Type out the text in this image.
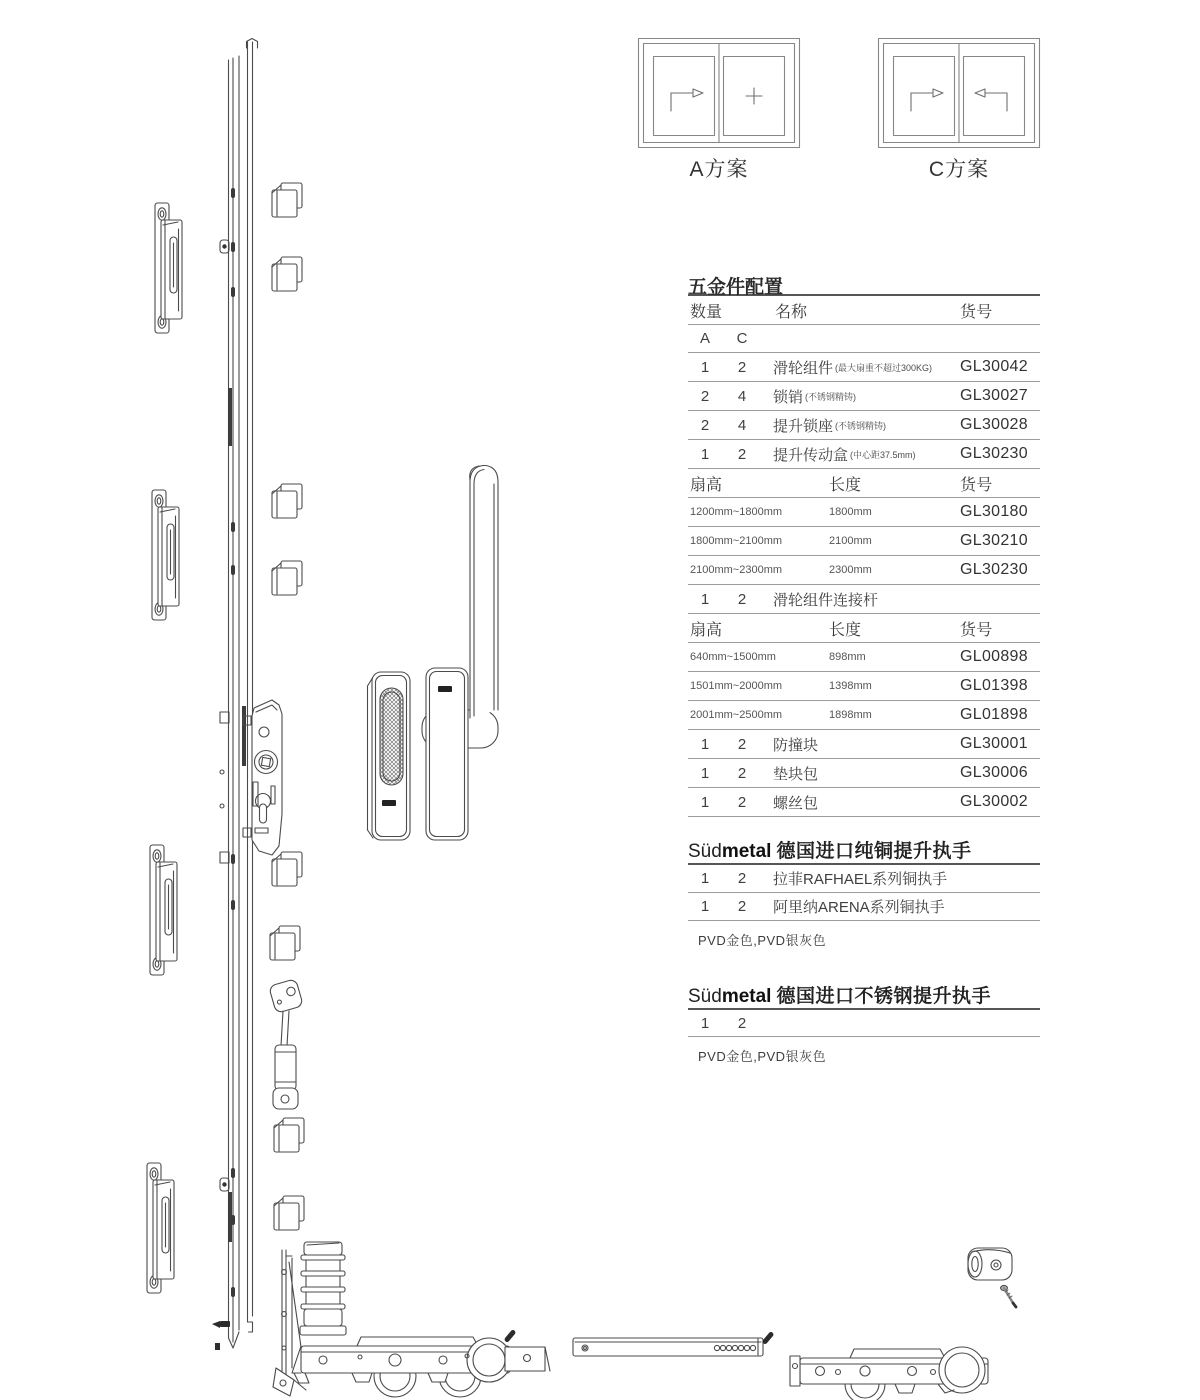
A方案	C方案
五金件配置
数量	名称	货号
A	C
1	2	滑轮组件 (最大扇重不超过300KG) GL30042
2	4	锁销 (不锈钢精铸)	GL30027
2	4	提升锁座 (不锈钢精铸)	GL30028
1	2	提升传动盒 (中心距37.5mm)	GL30230
扇高	长度	货号
1200mm~1800mm	1800mm	GL30180
1800mm~2100mm	2100mm	GL30210
2100mm~2300mm	2300mm	GL30230
1	2	滑轮组件连接杆
扇高	长度	货号
640mm~1500mm	898mm	GL00898
1501mm~2000mm	1398mm	GL01398
2001mm~2500mm	1898mm	GL01898
1	2	防撞块	GL30001
1	2	垫块包	GL30006
1	2	螺丝包	GL30002
Südmetal 德国进口纯铜提升执手
1	2	拉菲RAFHAEL系列铜执手
1	2	阿里纳ARENA系列铜执手
PVD金色,PVD银灰色
Südmetal 德国进口不锈钢提升执手
1	2
PVD金色,PVD银灰色
